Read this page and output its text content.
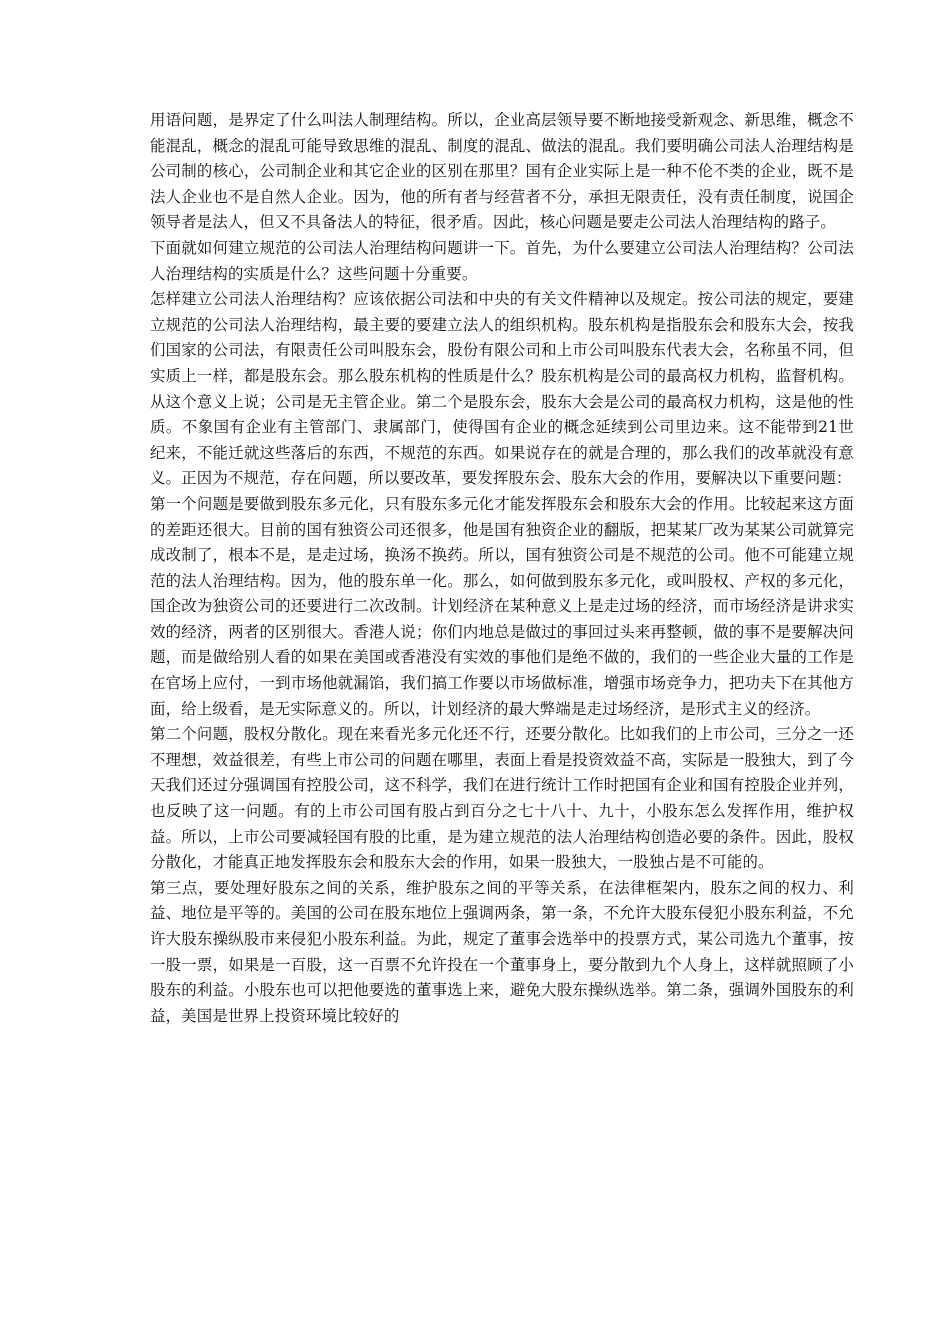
用语问题，是界定了什么叫法人制理结构。所以，企业高层领导要不断地接受新观念、新思维，概念不能混乱，概念的混乱可能导致思维的混乱、制度的混乱、做法的混乱。我们要明确公司法人治理结构是公司制的核心，公司制企业和其它企业的区别在那里？国有企业实际上是一种不伦不类的企业，既不是法人企业也不是自然人企业。因为，他的所有者与经营者不分，承担无限责任，没有责任制度，说国企领导者是法人，但又不具备法人的特征，很矛盾。因此，核心问题是要走公司法人治理结构的路子。

下面就如何建立规范的公司法人治理结构问题讲一下。首先，为什么要建立公司法人治理结构？公司法人治理结构的实质是什么？这些问题十分重要。

怎样建立公司法人治理结构？应该依据公司法和中央的有关文件精神以及规定。按公司法的规定，要建立规范的公司法人治理结构，最主要的要建立法人的组织机构。股东机构是指股东会和股东大会，按我们国家的公司法，有限责任公司叫股东会，股份有限公司和上市公司叫股东代表大会，名称虽不同，但实质上一样，都是股东会。那么股东机构的性质是什么？股东机构是公司的最高权力机构，监督机构。从这个意义上说；公司是无主管企业。第二个是股东会，股东大会是公司的最高权力机构，这是他的性质。不象国有企业有主管部门、隶属部门，使得国有企业的概念延续到公司里边来。这不能带到21世纪来，不能迁就这些落后的东西，不规范的东西。如果说存在的就是合理的，那么我们的改革就没有意义。正因为不规范，存在问题，所以要改革，要发挥股东会、股东大会的作用，要解决以下重要问题：

第一个问题是要做到股东多元化，只有股东多元化才能发挥股东会和股东大会的作用。比较起来这方面的差距还很大。目前的国有独资公司还很多，他是国有独资企业的翻版，把某某厂改为某某公司就算完成改制了，根本不是，是走过场，换汤不换药。所以，国有独资公司是不规范的公司。他不可能建立规范的法人治理结构。因为，他的股东单一化。那么，如何做到股东多元化，或叫股权、产权的多元化，国企改为独资公司的还要进行二次改制。计划经济在某种意义上是走过场的经济，而市场经济是讲求实效的经济，两者的区别很大。香港人说；你们内地总是做过的事回过头来再整顿，做的事不是要解决问题，而是做给别人看的如果在美国或香港没有实效的事他们是绝不做的，我们的一些企业大量的工作是在官场上应付，一到市场他就漏馅，我们搞工作要以市场做标准，增强市场竞争力，把功夫下在其他方面，给上级看，是无实际意义的。所以，计划经济的最大弊端是走过场经济，是形式主义的经济。

第二个问题，股权分散化。现在来看光多元化还不行，还要分散化。比如我们的上市公司，三分之一还不理想，效益很差，有些上市公司的问题在哪里，表面上看是投资效益不高，实际是一股独大，到了今天我们还过分强调国有控股公司，这不科学，我们在进行统计工作时把国有企业和国有控股企业并列，也反映了这一问题。有的上市公司国有股占到百分之七十八十、九十，小股东怎么发挥作用，维护权益。所以，上市公司要减轻国有股的比重，是为建立规范的法人治理结构创造必要的条件。因此，股权分散化，才能真正地发挥股东会和股东大会的作用，如果一股独大，一股独占是不可能的。

第三点，要处理好股东之间的关系，维护股东之间的平等关系，在法律框架内，股东之间的权力、利益、地位是平等的。美国的公司在股东地位上强调两条，第一条，不允许大股东侵犯小股东利益，不允许大股东操纵股市来侵犯小股东利益。为此，规定了董事会选举中的投票方式，某公司选九个董事，按一股一票，如果是一百股，这一百票不允许投在一个董事身上，要分散到九个人身上，这样就照顾了小股东的利益。小股东也可以把他要选的董事选上来，避免大股东操纵选举。第二条，强调外国股东的利益，美国是世界上投资环境比较好的
